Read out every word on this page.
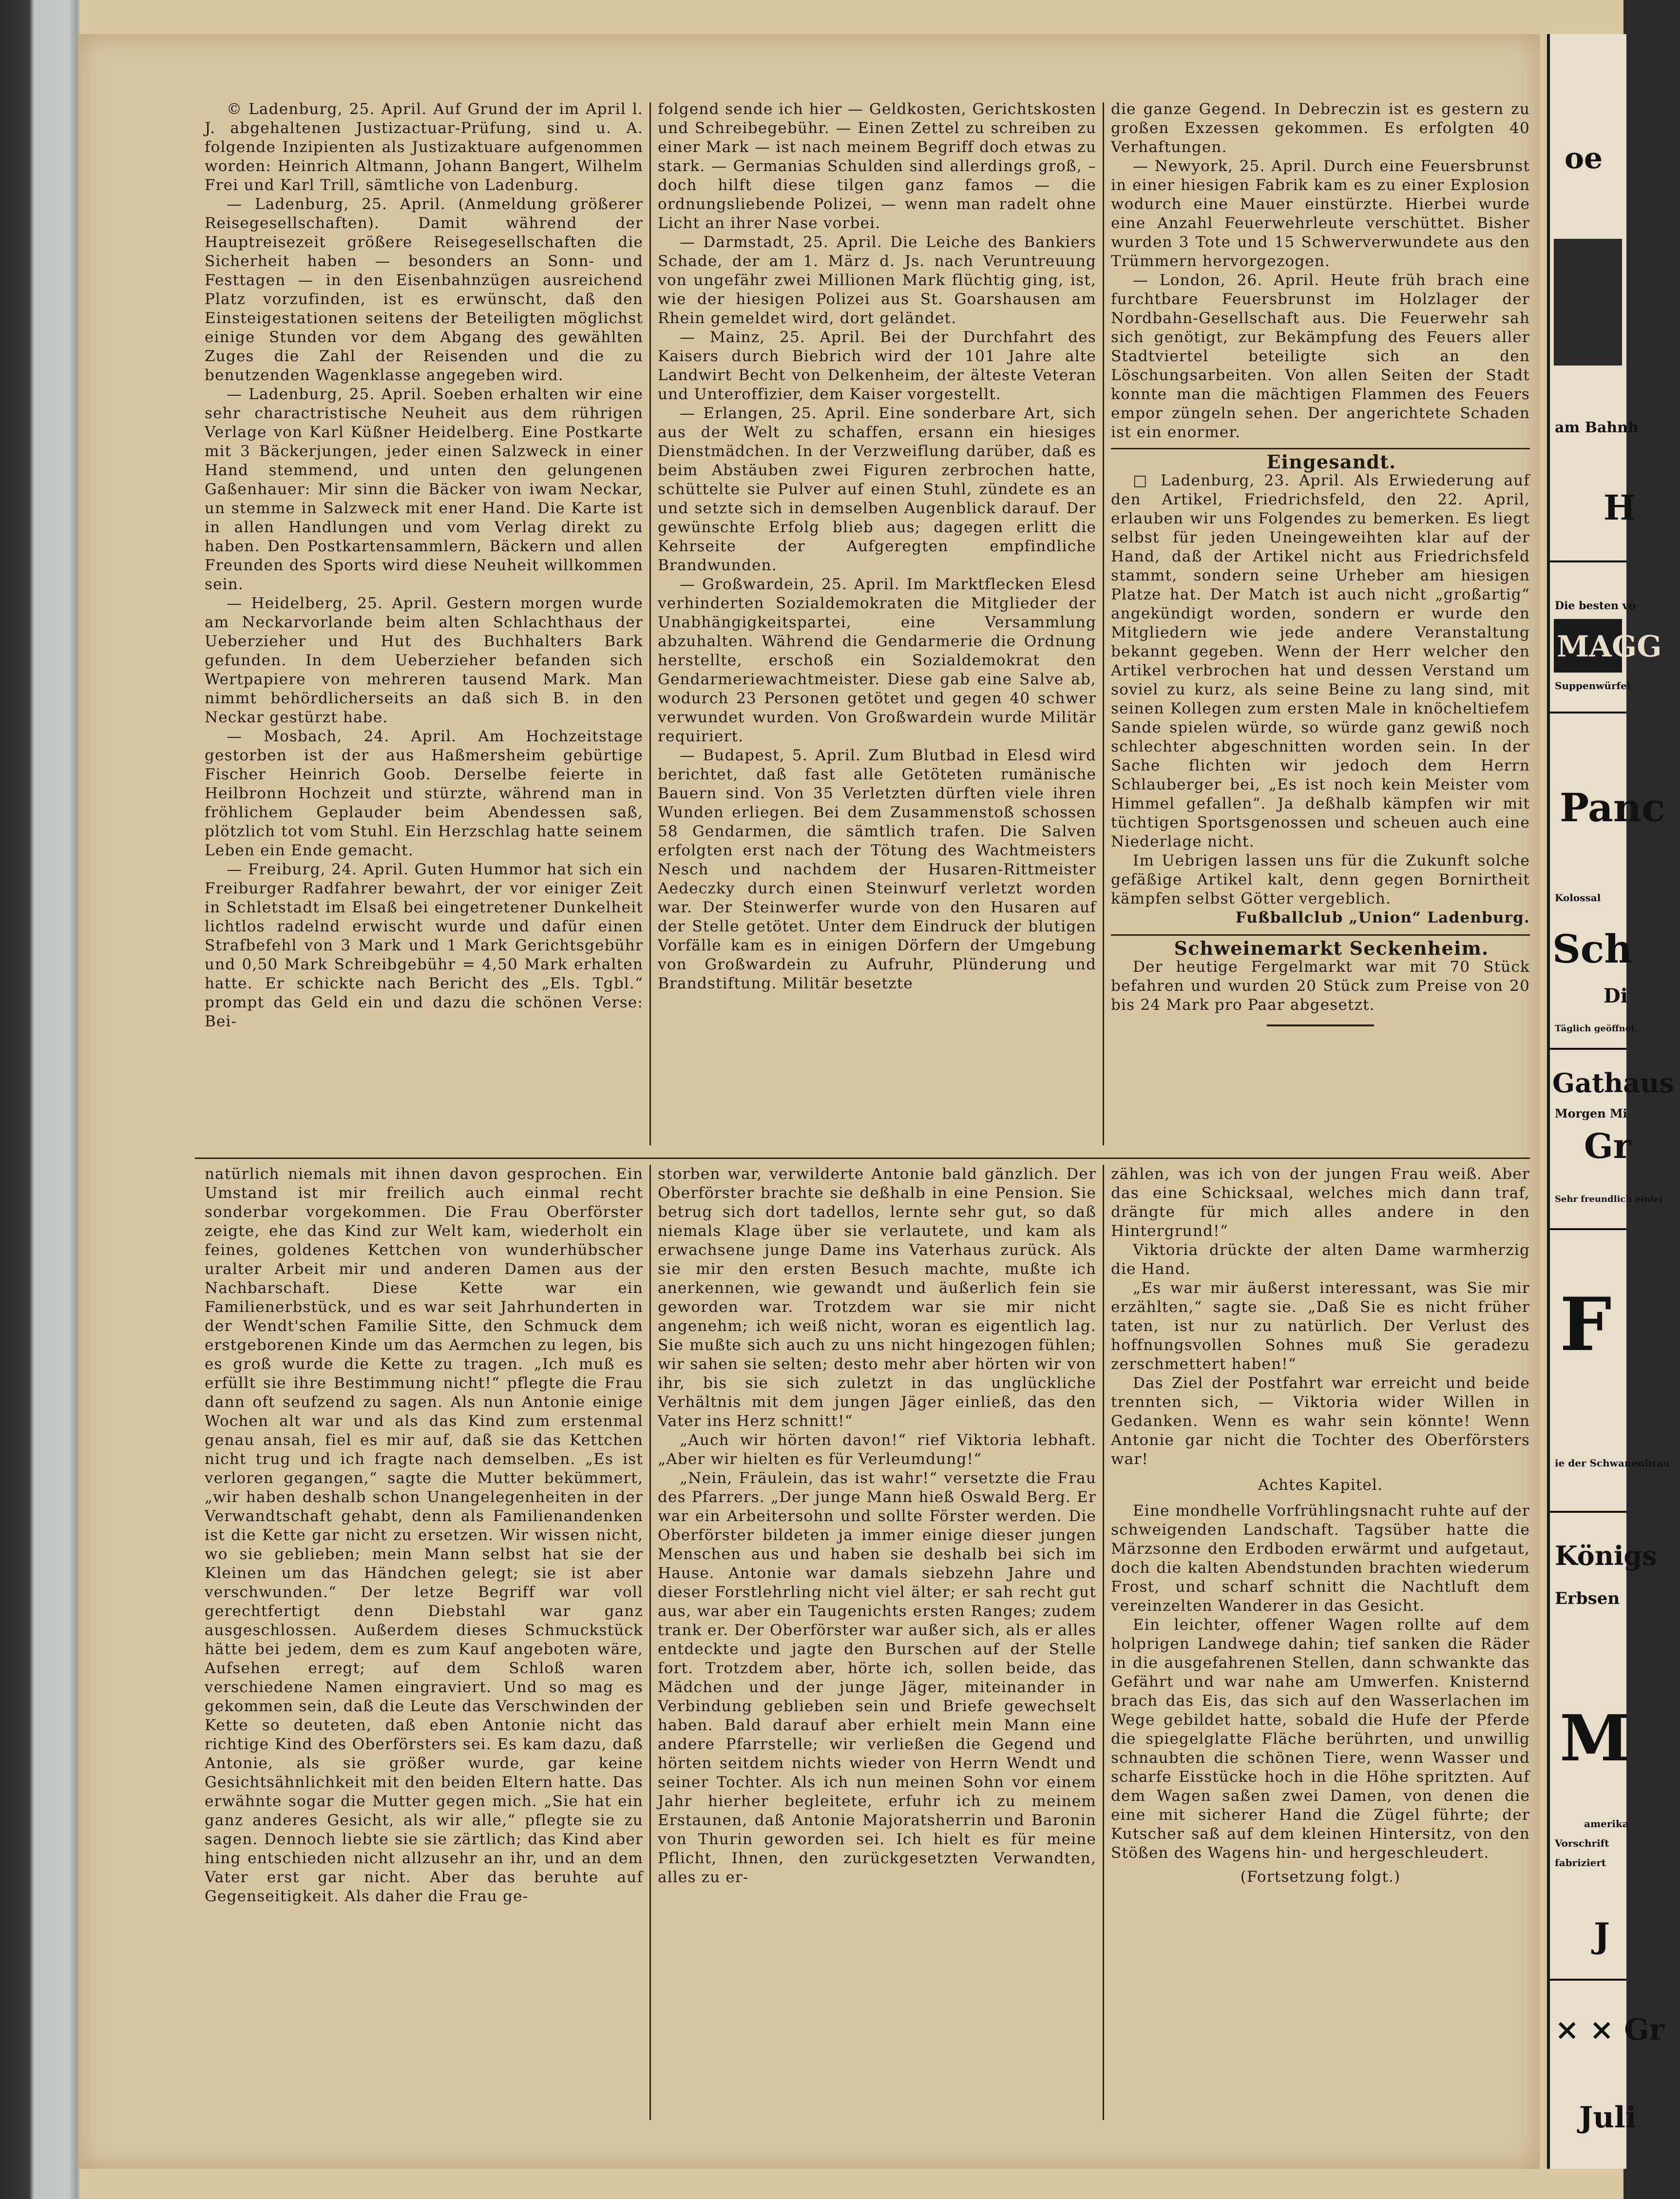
© Ladenburg, 25. April. Auf Grund der im April l. J. abgehaltenen Justizactuar-Prüfung, sind u. A. folgende Inzipienten als Justizaktuare aufgenommen worden: Heinrich Altmann, Johann Bangert, Wilhelm Frei und Karl Trill, sämtliche von Ladenburg.

— Ladenburg, 25. April. (Anmeldung größerer Reisegesellschaften). Damit während der Hauptreisezeit größere Reisegesellschaften die Sicherheit haben — besonders an Sonn- und Festtagen — in den Eisenbahnzügen ausreichend Platz vorzufinden, ist es erwünscht, daß den Einsteigestationen seitens der Beteiligten möglichst einige Stunden vor dem Abgang des gewählten Zuges die Zahl der Reisenden und die zu benutzenden Wagenklasse angegeben wird.

— Ladenburg, 25. April. Soeben erhalten wir eine sehr charactristische Neuheit aus dem rührigen Verlage von Karl Küßner Heidelberg. Eine Postkarte mit 3 Bäckerjungen, jeder einen Salzweck in einer Hand stemmend, und unten den gelungenen Gaßenhauer: Mir sinn die Bäcker von iwam Neckar, un stemme in Salzweck mit ener Hand. Die Karte ist in allen Handlungen und vom Verlag direkt zu haben. Den Postkartensammlern, Bäckern und allen Freunden des Sports wird diese Neuheit willkommen sein.

— Heidelberg, 25. April. Gestern morgen wurde am Neckarvorlande beim alten Schlachthaus der Ueberzieher und Hut des Buchhalters Bark gefunden. In dem Ueberzieher befanden sich Wertpapiere von mehreren tausend Mark. Man nimmt behördlicherseits an daß sich B. in den Neckar gestürzt habe.

— Mosbach, 24. April. Am Hochzeitstage gestorben ist der aus Haßmersheim gebürtige Fischer Heinrich Goob. Derselbe feierte in Heilbronn Hochzeit und stürzte, während man in fröhlichem Geplauder beim Abendessen saß, plötzlich tot vom Stuhl. Ein Herzschlag hatte seinem Leben ein Ende gemacht.

— Freiburg, 24. April. Guten Hummor hat sich ein Freiburger Radfahrer bewahrt, der vor einiger Zeit in Schletstadt im Elsaß bei eingetretener Dunkelheit lichtlos radelnd erwischt wurde und dafür einen Strafbefehl von 3 Mark und 1 Mark Gerichtsgebühr und 0,50 Mark Schreibgebühr = 4,50 Mark erhalten hatte. Er schickte nach Bericht des „Els. Tgbl.“ prompt das Geld ein und dazu die schönen Verse: Bei-

folgend sende ich hier — Geldkosten, Gerichtskosten und Schreibegebühr. — Einen Zettel zu schreiben zu einer Mark — ist nach meinem Begriff doch etwas zu stark. — Germanias Schulden sind allerdings groß, – doch hilft diese tilgen ganz famos — die ordnungsliebende Polizei, — wenn man radelt ohne Licht an ihrer Nase vorbei.

— Darmstadt, 25. April. Die Leiche des Bankiers Schade, der am 1. März d. Js. nach Veruntreuung von ungefähr zwei Millionen Mark flüchtig ging, ist, wie der hiesigen Polizei aus St. Goarshausen am Rhein gemeldet wird, dort geländet.

— Mainz, 25. April. Bei der Durchfahrt des Kaisers durch Biebrich wird der 101 Jahre alte Landwirt Becht von Delkenheim, der älteste Veteran und Unteroffizier, dem Kaiser vorgestellt.

— Erlangen, 25. April. Eine sonderbare Art, sich aus der Welt zu schaffen, ersann ein hiesiges Dienstmädchen. In der Verzweiflung darüber, daß es beim Abstäuben zwei Figuren zerbrochen hatte, schüttelte sie Pulver auf einen Stuhl, zündete es an und setzte sich in demselben Augenblick darauf. Der gewünschte Erfolg blieb aus; dagegen erlitt die Kehrseite der Aufgeregten empfindliche Brandwunden.

— Großwardein, 25. April. Im Marktflecken Elesd verhinderten Sozialdemokraten die Mitglieder der Unabhängigkeitspartei, eine Versammlung abzuhalten. Während die Gendarmerie die Ordnung herstellte, erschoß ein Sozialdemokrat den Gendarmeriewachtmeister. Diese gab eine Salve ab, wodurch 23 Personen getötet und gegen 40 schwer verwundet wurden. Von Großwardein wurde Militär requiriert.

— Budapest, 5. April. Zum Blutbad in Elesd wird berichtet, daß fast alle Getöteten rumänische Bauern sind. Von 35 Verletzten dürften viele ihren Wunden erliegen. Bei dem Zusammenstoß schossen 58 Gendarmen, die sämtlich trafen. Die Salven erfolgten erst nach der Tötung des Wachtmeisters Nesch und nachdem der Husaren-Rittmeister Aedeczky durch einen Steinwurf verletzt worden war. Der Steinwerfer wurde von den Husaren auf der Stelle getötet. Unter dem Eindruck der blutigen Vorfälle kam es in einigen Dörfern der Umgebung von Großwardein zu Aufruhr, Plünderung und Brandstiftung. Militär besetzte

die ganze Gegend. In Debreczin ist es gestern zu großen Exzessen gekommen. Es erfolgten 40 Verhaftungen.

— Newyork, 25. April. Durch eine Feuersbrunst in einer hiesigen Fabrik kam es zu einer Explosion wodurch eine Mauer einstürzte. Hierbei wurde eine Anzahl Feuerwehrleute verschüttet. Bisher wurden 3 Tote und 15 Schwerverwundete aus den Trümmern hervorgezogen.

— London, 26. April. Heute früh brach eine furchtbare Feuersbrunst im Holzlager der Nordbahn-Gesellschaft aus. Die Feuerwehr sah sich genötigt, zur Bekämpfung des Feuers aller Stadtviertel beteiligte sich an den Löschungsarbeiten. Von allen Seiten der Stadt konnte man die mächtigen Flammen des Feuers empor züngeln sehen. Der angerichtete Schaden ist ein enormer.

Eingesandt.

□ Ladenburg, 23. April. Als Erwiederung auf den Artikel, Friedrichsfeld, den 22. April, erlauben wir uns Folgendes zu bemerken. Es liegt selbst für jeden Uneingeweihten klar auf der Hand, daß der Artikel nicht aus Friedrichsfeld stammt, sondern seine Urheber am hiesigen Platze hat. Der Match ist auch nicht „großartig“ angekündigt worden, sondern er wurde den Mitgliedern wie jede andere Veranstaltung bekannt gegeben. Wenn der Herr welcher den Artikel verbrochen hat und dessen Verstand um soviel zu kurz, als seine Beine zu lang sind, mit seinen Kollegen zum ersten Male in knöcheltiefem Sande spielen würde, so würde ganz gewiß noch schlechter abgeschnitten worden sein. In der Sache flichten wir jedoch dem Herrn Schlauberger bei, „Es ist noch kein Meister vom Himmel gefallen“. Ja deßhalb kämpfen wir mit tüchtigen Sportsgenossen und scheuen auch eine Niederlage nicht.

Im Uebrigen lassen uns für die Zukunft solche gefäßige Artikel kalt, denn gegen Bornirtheit kämpfen selbst Götter vergeblich.

Fußballclub „Union“ Ladenburg.

Schweinemarkt Seckenheim.

Der heutige Fergelmarkt war mit 70 Stück befahren und wurden 20 Stück zum Preise von 20 bis 24 Mark pro Paar abgesetzt.

natürlich niemals mit ihnen davon gesprochen. Ein Umstand ist mir freilich auch einmal recht sonderbar vorgekommen. Die Frau Oberförster zeigte, ehe das Kind zur Welt kam, wiederholt ein feines, goldenes Kettchen von wunderhübscher uralter Arbeit mir und anderen Damen aus der Nachbarschaft. Diese Kette war ein Familienerbstück, und es war seit Jahrhunderten in der Wendt'schen Familie Sitte, den Schmuck dem erstgeborenen Kinde um das Aermchen zu legen, bis es groß wurde die Kette zu tragen. „Ich muß es erfüllt sie ihre Bestimmung nicht!“ pflegte die Frau dann oft seufzend zu sagen. Als nun Antonie einige Wochen alt war und als das Kind zum erstenmal genau ansah, fiel es mir auf, daß sie das Kettchen nicht trug und ich fragte nach demselben. „Es ist verloren gegangen,“ sagte die Mutter bekümmert, „wir haben deshalb schon Unangelegenheiten in der Verwandtschaft gehabt, denn als Familienandenken ist die Kette gar nicht zu ersetzen. Wir wissen nicht, wo sie geblieben; mein Mann selbst hat sie der Kleinen um das Händchen gelegt; sie ist aber verschwunden.“ Der letze Begriff war voll gerechtfertigt denn Diebstahl war ganz ausgeschlossen. Außerdem dieses Schmuckstück hätte bei jedem, dem es zum Kauf angeboten wäre, Aufsehen erregt; auf dem Schloß waren verschiedene Namen eingraviert. Und so mag es gekommen sein, daß die Leute das Verschwinden der Kette so deuteten, daß eben Antonie nicht das richtige Kind des Oberförsters sei. Es kam dazu, daß Antonie, als sie größer wurde, gar keine Gesichtsähnlichkeit mit den beiden Eltern hatte. Das erwähnte sogar die Mutter gegen mich. „Sie hat ein ganz anderes Gesicht, als wir alle,“ pflegte sie zu sagen. Dennoch liebte sie sie zärtlich; das Kind aber hing entschieden nicht allzusehr an ihr, und an dem Vater erst gar nicht. Aber das beruhte auf Gegenseitigkeit. Als daher die Frau ge-

storben war, verwilderte Antonie bald gänzlich. Der Oberförster brachte sie deßhalb in eine Pension. Sie betrug sich dort tadellos, lernte sehr gut, so daß niemals Klage über sie verlautete, und kam als erwachsene junge Dame ins Vaterhaus zurück. Als sie mir den ersten Besuch machte, mußte ich anerkennen, wie gewandt und äußerlich fein sie geworden war. Trotzdem war sie mir nicht angenehm; ich weiß nicht, woran es eigentlich lag. Sie mußte sich auch zu uns nicht hingezogen fühlen; wir sahen sie selten; desto mehr aber hörten wir von ihr, bis sie sich zuletzt in das unglückliche Verhältnis mit dem jungen Jäger einließ, das den Vater ins Herz schnitt!“

„Auch wir hörten davon!“ rief Viktoria lebhaft. „Aber wir hielten es für Verleumdung!“

„Nein, Fräulein, das ist wahr!“ versetzte die Frau des Pfarrers. „Der junge Mann hieß Oswald Berg. Er war ein Arbeitersohn und sollte Förster werden. Die Oberförster bildeten ja immer einige dieser jungen Menschen aus und haben sie deshalb bei sich im Hause. Antonie war damals siebzehn Jahre und dieser Forstlehrling nicht viel älter; er sah recht gut aus, war aber ein Taugenichts ersten Ranges; zudem trank er. Der Oberförster war außer sich, als er alles entdeckte und jagte den Burschen auf der Stelle fort. Trotzdem aber, hörte ich, sollen beide, das Mädchen und der junge Jäger, miteinander in Verbindung geblieben sein und Briefe gewechselt haben. Bald darauf aber erhielt mein Mann eine andere Pfarrstelle; wir verließen die Gegend und hörten seitdem nichts wieder von Herrn Wendt und seiner Tochter. Als ich nun meinen Sohn vor einem Jahr hierher begleitete, erfuhr ich zu meinem Erstaunen, daß Antonie Majoratsherrin und Baronin von Thurin geworden sei. Ich hielt es für meine Pflicht, Ihnen, den zurückgesetzten Verwandten, alles zu er-

zählen, was ich von der jungen Frau weiß. Aber das eine Schicksaal, welches mich dann traf, drängte für mich alles andere in den Hintergrund!“

Viktoria drückte der alten Dame warmherzig die Hand.

„Es war mir äußerst interessant, was Sie mir erzählten,“ sagte sie. „Daß Sie es nicht früher taten, ist nur zu natürlich. Der Verlust des hoffnungsvollen Sohnes muß Sie geradezu zerschmettert haben!“

Das Ziel der Postfahrt war erreicht und beide trennten sich, — Viktoria wider Willen in Gedanken. Wenn es wahr sein könnte! Wenn Antonie gar nicht die Tochter des Oberförsters war!

Achtes Kapitel.

Eine mondhelle Vorfrühlingsnacht ruhte auf der schweigenden Landschaft. Tagsüber hatte die Märzsonne den Erdboden erwärmt und aufgetaut, doch die kalten Abendstunden brachten wiederum Frost, und scharf schnitt die Nachtluft dem vereinzelten Wanderer in das Gesicht.

Ein leichter, offener Wagen rollte auf dem holprigen Landwege dahin; tief sanken die Räder in die ausgefahrenen Stellen, dann schwankte das Gefährt und war nahe am Umwerfen. Knisternd brach das Eis, das sich auf den Wasserlachen im Wege gebildet hatte, sobald die Hufe der Pferde die spiegelglatte Fläche berührten, und unwillig schnaubten die schönen Tiere, wenn Wasser und scharfe Eisstücke hoch in die Höhe spritzten. Auf dem Wagen saßen zwei Damen, von denen die eine mit sicherer Hand die Zügel führte; der Kutscher saß auf dem kleinen Hintersitz, von den Stößen des Wagens hin- und hergeschleudert.

(Fortsetzung folgt.)

oe
am Bahnh
H
Die besten vo
MAGG
Suppenwürfel
Panc
Kolossal
Sch
Di
Täglich geöffnet.
Gathaus
Morgen Mi
Gr
Sehr freundlich einlei
F
ie der Schwanenbrau
Königs
Erbsen
M
amerika
Vorschrift
fabriziert
J
× × Gr
Juli
